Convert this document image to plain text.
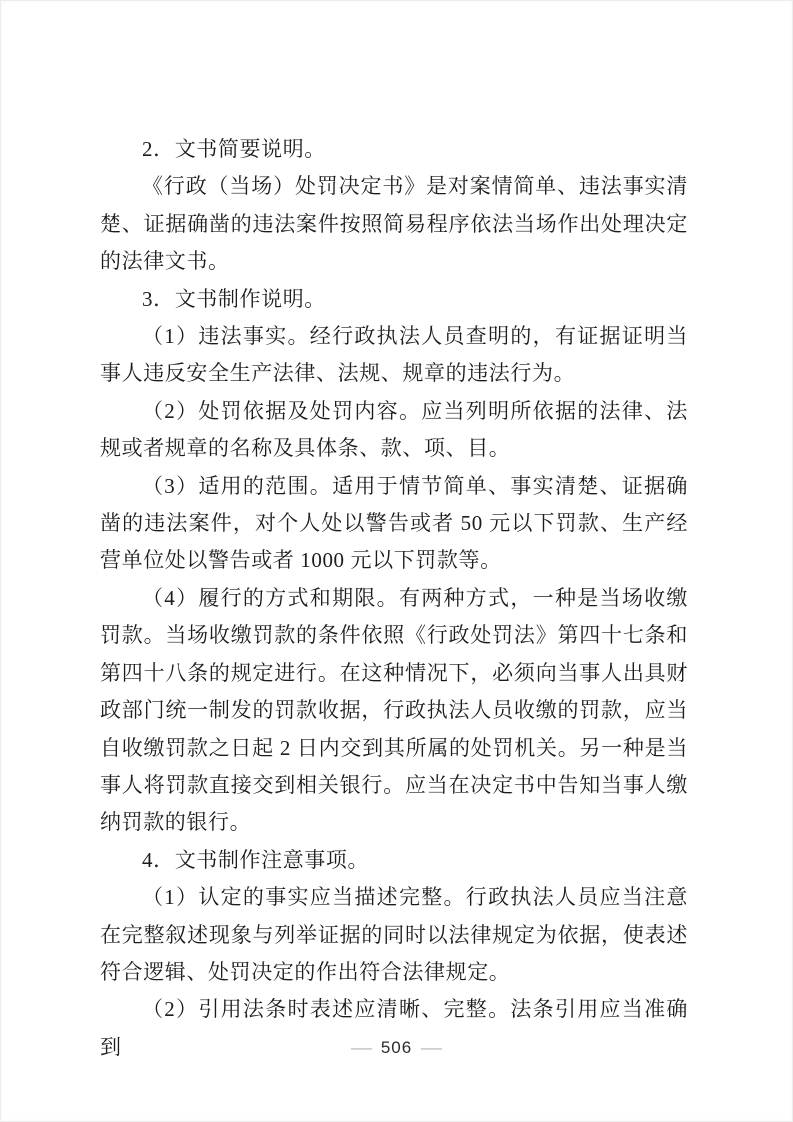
2．文书简要说明。

《行政（当场）处罚决定书》是对案情简单、违法事实清楚、证据确凿的违法案件按照简易程序依法当场作出处理决定的法律文书。

3．文书制作说明。

（1）违法事实。经行政执法人员查明的，有证据证明当事人违反安全生产法律、法规、规章的违法行为。

（2）处罚依据及处罚内容。应当列明所依据的法律、法规或者规章的名称及具体条、款、项、目。

（3）适用的范围。适用于情节简单、事实清楚、证据确凿的违法案件，对个人处以警告或者 50 元以下罚款、生产经营单位处以警告或者 1000 元以下罚款等。

（4）履行的方式和期限。有两种方式，一种是当场收缴罚款。当场收缴罚款的条件依照《行政处罚法》第四十七条和第四十八条的规定进行。在这种情况下，必须向当事人出具财政部门统一制发的罚款收据，行政执法人员收缴的罚款，应当自收缴罚款之日起 2 日内交到其所属的处罚机关。另一种是当事人将罚款直接交到相关银行。应当在决定书中告知当事人缴纳罚款的银行。

4．文书制作注意事项。

（1）认定的事实应当描述完整。行政执法人员应当注意在完整叙述现象与列举证据的同时以法律规定为依据，使表述符合逻辑、处罚决定的作出符合法律规定。

（2）引用法条时表述应清晰、完整。法条引用应当准确到	— 506 —
